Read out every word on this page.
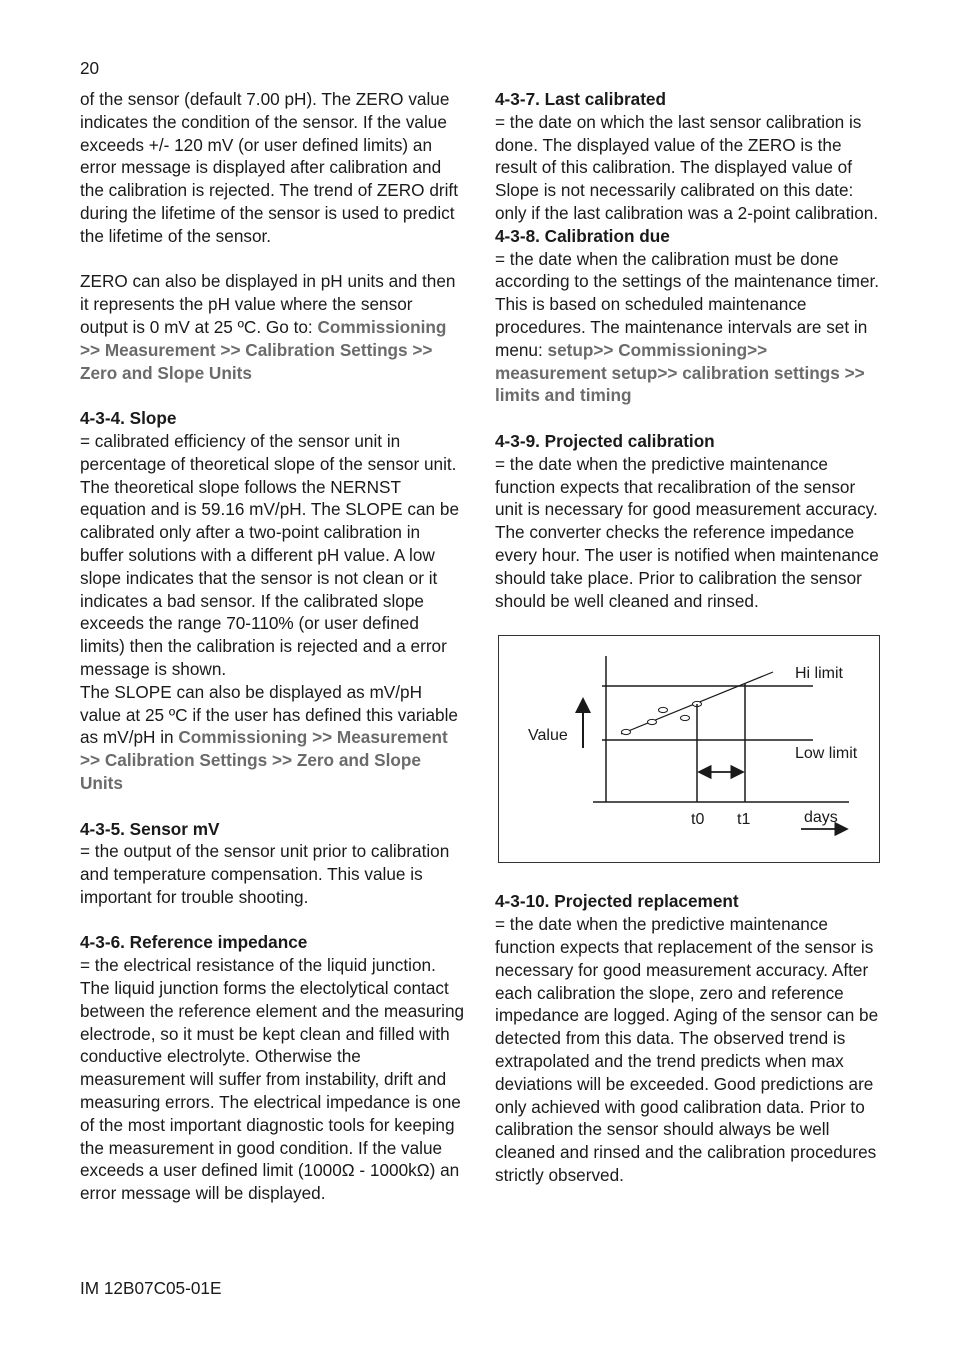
20

of the sensor (default 7.00 pH). The ZERO value indicates the condition of the sensor. If the value exceeds +/- 120 mV (or user defined limits) an error message is displayed after calibration and the calibration is rejected. The trend of ZERO drift during the lifetime of the sensor is used to predict the lifetime of the sensor.

ZERO can also be displayed in pH units and then it represents the pH value where the sensor output is 0 mV at 25 ºC. Go to: Commissioning >> Measurement >> Calibration Settings >> Zero and Slope Units

4-3-4. Slope

= calibrated efficiency of the sensor unit in percentage of theoretical slope of the sensor unit. The theoretical slope follows the NERNST equation and is 59.16 mV/pH. The SLOPE can be calibrated only after a two-point calibration in buffer solutions with a different pH value. A low slope indicates that the sensor is not clean or it indicates a bad sensor. If the calibrated slope exceeds the range 70-110% (or user defined limits) then the calibration is rejected and a error message is shown.

The SLOPE can also be displayed as mV/pH value at 25 ºC if the user has defined this variable as mV/pH in Commissioning >> Measurement >> Calibration Settings >> Zero and Slope Units

4-3-5. Sensor mV

= the output of the sensor unit prior to calibration and temperature compensation. This value is important for trouble shooting.

4-3-6. Reference impedance

= the electrical resistance of the liquid junction. The liquid junction forms the electolytical contact between the reference element and the measuring electrode, so it must be kept clean and filled with conductive electrolyte. Otherwise the measurement will suffer from instability, drift and measuring errors. The electrical impedance is one of the most important diagnostic tools for keeping the measurement in good condition. If the value exceeds a user defined limit (1000Ω - 1000kΩ) an error message will be displayed.

4-3-7. Last calibrated

= the date on which the last sensor calibration is done. The displayed value of the ZERO is the result of this calibration. The displayed value of Slope is not necessarily calibrated on this date: only if the last calibration was a 2-point calibration.

4-3-8. Calibration due

= the date when the calibration must be done according to the settings of the maintenance timer. This is based on scheduled maintenance procedures. The maintenance intervals are set in menu: setup>> Commissioning>> measurement setup>> calibration settings >> limits and timing

4-3-9. Projected calibration

= the date when the predictive maintenance function expects that recalibration of the sensor unit is necessary for good measurement accuracy. The converter checks the reference impedance every hour. The user is notified when maintenance should take place. Prior to calibration the sensor should be well cleaned and rinsed.

Hi limit
Low limit
Value
t0 t1	days
4-3-10. Projected replacement

= the date when the predictive maintenance function expects that replacement of the sensor is necessary for good measurement accuracy. After each calibration the slope, zero and reference impedance are logged. Aging of the sensor can be detected from this data. The observed trend is extrapolated and the trend predicts when max deviations will be exceeded. Good predictions are only achieved with good calibration data. Prior to calibration the sensor should always be well cleaned and rinsed and the calibration procedures strictly observed.

IM 12B07C05-01E
